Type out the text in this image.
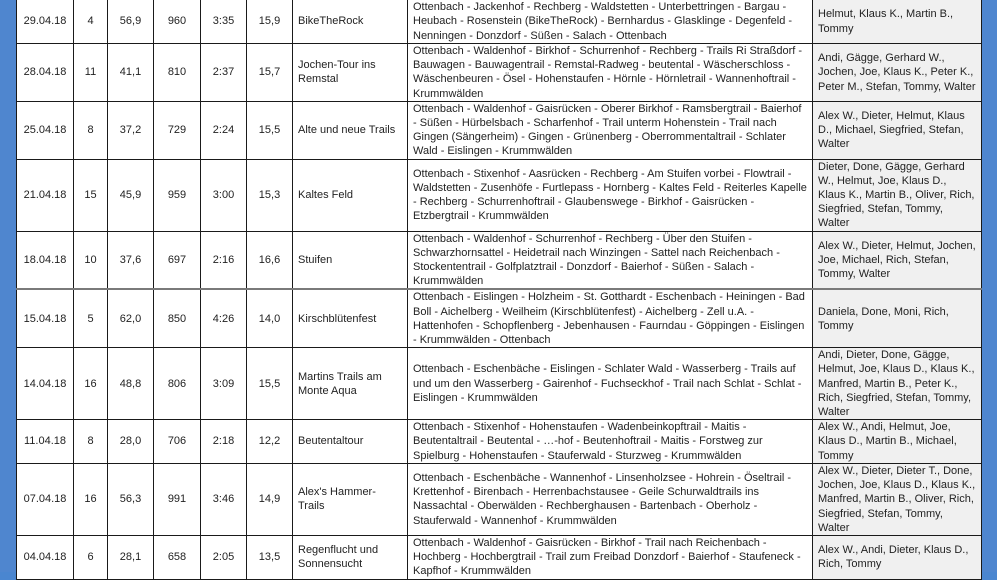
29.04.18	4	56,9	960	3:35	15,9	BikeTheRock	Ottenbach - Jackenhof - Rechberg - Waldstetten - Unterbettringen - Bargau - Heubach - Rosenstein (BikeTheRock) - Bernhardus - Glasklinge - Degenfeld - Nenningen - Donzdorf - Süßen - Salach - Ottenbach	Helmut, Klaus K., Martin B., Tommy
28.04.18	11	41,1	810	2:37	15,7	Jochen-Tour ins Remstal	Ottenbach - Waldenhof - Birkhof - Schurrenhof - Rechberg - Trails Ri Straßdorf - Bauwagen - Bauwagentrail - Remstal-Radweg - beutental - Wäscherschloss - Wäschenbeuren - Ösel - Hohenstaufen - Hörnle - Hörnletrail - Wannenhoftrail - Krummwälden	Andi, Gägge, Gerhard W., Jochen, Joe, Klaus K., Peter K., Peter M., Stefan, Tommy, Walter
25.04.18	8	37,2	729	2:24	15,5	Alte und neue Trails	Ottenbach - Waldenhof - Gaisrücken - Oberer Birkhof - Ramsbergtrail - Baierhof - Süßen - Hürbelsbach - Scharfenhof - Trail unterm Hohenstein - Trail nach Gingen (Sängerheim) - Gingen - Grünenberg - Oberrommentaltrail - Schlater Wald - Eislingen - Krummwälden	Alex W., Dieter, Helmut, Klaus D., Michael, Siegfried, Stefan, Walter
21.04.18	15	45,9	959	3:00	15,3	Kaltes Feld	Ottenbach - Stixenhof - Aasrücken - Rechberg - Am Stuifen vorbei - Flowtrail - Waldstetten - Zusenhöfe - Furtlepass - Hornberg - Kaltes Feld - Reiterles Kapelle - Rechberg - Schurrenhoftrail - Glaubenswege - Birkhof - Gaisrücken - Etzbergtrail - Krummwälden	Dieter, Done, Gägge, Gerhard W., Helmut, Joe, Klaus D., Klaus K., Martin B., Oliver, Rich, Siegfried, Stefan, Tommy, Walter
18.04.18	10	37,6	697	2:16	16,6	Stuifen	Ottenbach - Waldenhof - Schurrenhof - Rechberg - Über den Stuifen - Schwarzhornsattel - Heidetrail nach Winzingen - Sattel nach Reichenbach - Stockententrail - Golfplatztrail - Donzdorf - Baierhof - Süßen - Salach - Krummwälden	Alex W., Dieter, Helmut, Jochen, Joe, Michael, Rich, Stefan, Tommy, Walter
15.04.18	5	62,0	850	4:26	14,0	Kirschblütenfest	Ottenbach - Eislingen - Holzheim - St. Gotthardt - Eschenbach - Heiningen - Bad Boll - Aichelberg - Weilheim (Kirschblütenfest) - Aichelberg - Zell u.A. - Hattenhofen - Schopflenberg - Jebenhausen - Faurndau - Göppingen - Eislingen - Krummwälden - Ottenbach	Daniela, Done, Moni, Rich, Tommy
14.04.18	16	48,8	806	3:09	15,5	Martins Trails am Monte Aqua	Ottenbach - Eschenbäche - Eislingen - Schlater Wald - Wasserberg - Trails auf und um den Wasserberg - Gairenhof - Fuchseckhof - Trail nach Schlat - Schlat - Eislingen - Krummwälden	Andi, Dieter, Done, Gägge, Helmut, Joe, Klaus D., Klaus K., Manfred, Martin B., Peter K., Rich, Siegfried, Stefan, Tommy, Walter
11.04.18	8	28,0	706	2:18	12,2	Beutentaltour	Ottenbach - Stixenhof - Hohenstaufen - Wadenbeinkopftrail - Maitis - Beutentaltrail - Beutental - …-hof - Beutenhoftrail - Maitis - Forstweg zur Spielburg - Hohenstaufen - Stauferwald - Sturzweg - Krummwälden	Alex W., Andi, Helmut, Joe, Klaus D., Martin B., Michael, Tommy
07.04.18	16	56,3	991	3:46	14,9	Alex's Hammer-Trails	Ottenbach - Eschenbäche - Wannenhof - Linsenholzsee - Hohrein - Öseltrail - Krettenhof - Birenbach - Herrenbachstausee - Geile Schurwaldtrails ins Nassachtal - Oberwälden - Rechberghausen - Bartenbach - Oberholz - Stauferwald - Wannenhof - Krummwälden	Alex W., Dieter, Dieter T., Done, Jochen, Joe, Klaus D., Klaus K., Manfred, Martin B., Oliver, Rich, Siegfried, Stefan, Tommy, Walter
04.04.18	6	28,1	658	2:05	13,5	Regenflucht und Sonnensucht	Ottenbach - Waldenhof - Gaisrücken - Birkhof - Trail nach Reichenbach - Hochberg - Hochbergtrail - Trail zum Freibad Donzdorf - Baierhof - Staufeneck - Kapfhof - Krummwälden	Alex W., Andi, Dieter, Klaus D., Rich, Tommy
